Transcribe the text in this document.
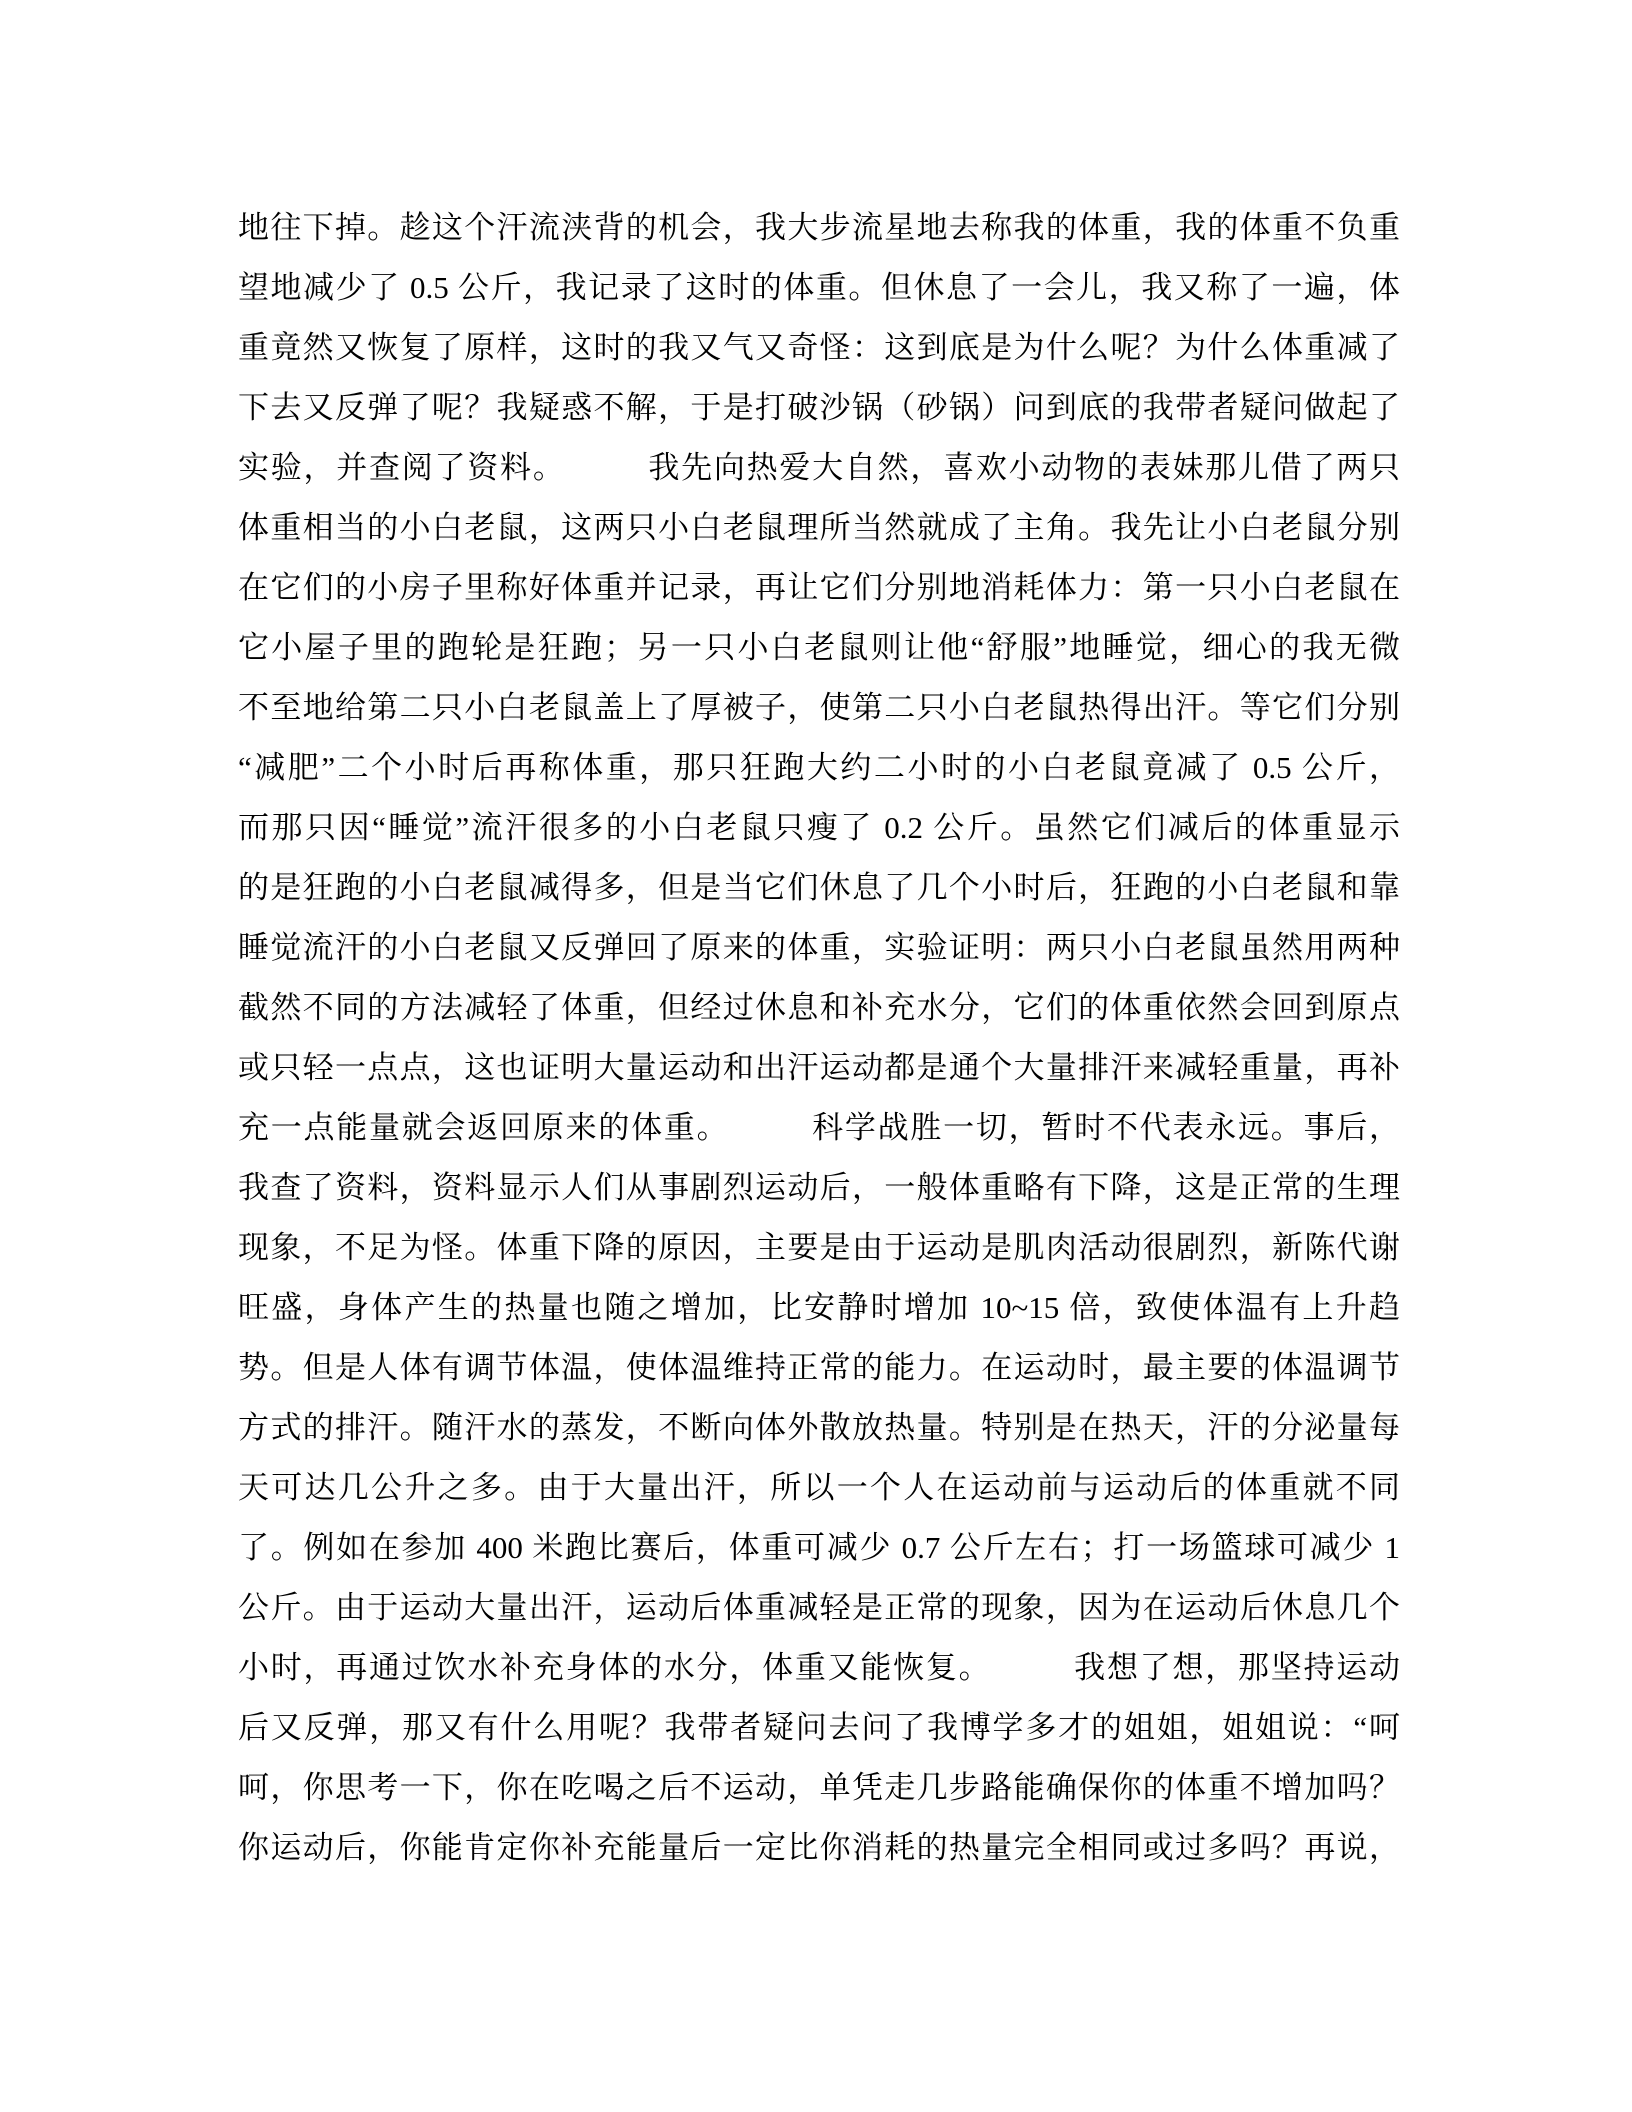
地往下掉。趁这个汗流浃背的机会，我大步流星地去称我的体重，我的体重不负重
望地减少了 0.5 公斤，我记录了这时的体重。但休息了一会儿，我又称了一遍，体
重竟然又恢复了原样，这时的我又气又奇怪：这到底是为什么呢？为什么体重减了
下去又反弹了呢？我疑惑不解，于是打破沙锅（砂锅）问到底的我带者疑问做起了
实验，并查阅了资料。　　　我先向热爱大自然，喜欢小动物的表妹那儿借了两只
体重相当的小白老鼠，这两只小白老鼠理所当然就成了主角。我先让小白老鼠分别
在它们的小房子里称好体重并记录，再让它们分别地消耗体力：第一只小白老鼠在
它小屋子里的跑轮是狂跑；另一只小白老鼠则让他“舒服”地睡觉，细心的我无微
不至地给第二只小白老鼠盖上了厚被子，使第二只小白老鼠热得出汗。等它们分别
“减肥”二个小时后再称体重，那只狂跑大约二小时的小白老鼠竟减了 0.5 公斤，
而那只因“睡觉”流汗很多的小白老鼠只瘦了 0.2 公斤。虽然它们减后的体重显示
的是狂跑的小白老鼠减得多，但是当它们休息了几个小时后，狂跑的小白老鼠和靠
睡觉流汗的小白老鼠又反弹回了原来的体重，实验证明：两只小白老鼠虽然用两种
截然不同的方法减轻了体重，但经过休息和补充水分，它们的体重依然会回到原点
或只轻一点点，这也证明大量运动和出汗运动都是通个大量排汗来减轻重量，再补
充一点能量就会返回原来的体重。　　　科学战胜一切，暂时不代表永远。事后，
我查了资料，资料显示人们从事剧烈运动后，一般体重略有下降，这是正常的生理
现象，不足为怪。体重下降的原因，主要是由于运动是肌肉活动很剧烈，新陈代谢
旺盛，身体产生的热量也随之增加，比安静时增加 10~15 倍，致使体温有上升趋
势。但是人体有调节体温，使体温维持正常的能力。在运动时，最主要的体温调节
方式的排汗。随汗水的蒸发，不断向体外散放热量。特别是在热天，汗的分泌量每
天可达几公升之多。由于大量出汗，所以一个人在运动前与运动后的体重就不同
了。例如在参加 400 米跑比赛后，体重可减少 0.7 公斤左右；打一场篮球可减少 1
公斤。由于运动大量出汗，运动后体重减轻是正常的现象，因为在运动后休息几个
小时，再通过饮水补充身体的水分，体重又能恢复。　　　我想了想，那坚持运动
后又反弹，那又有什么用呢？我带者疑问去问了我博学多才的姐姐，姐姐说：“呵
呵，你思考一下，你在吃喝之后不运动，单凭走几步路能确保你的体重不增加吗？
你运动后，你能肯定你补充能量后一定比你消耗的热量完全相同或过多吗？再说，
